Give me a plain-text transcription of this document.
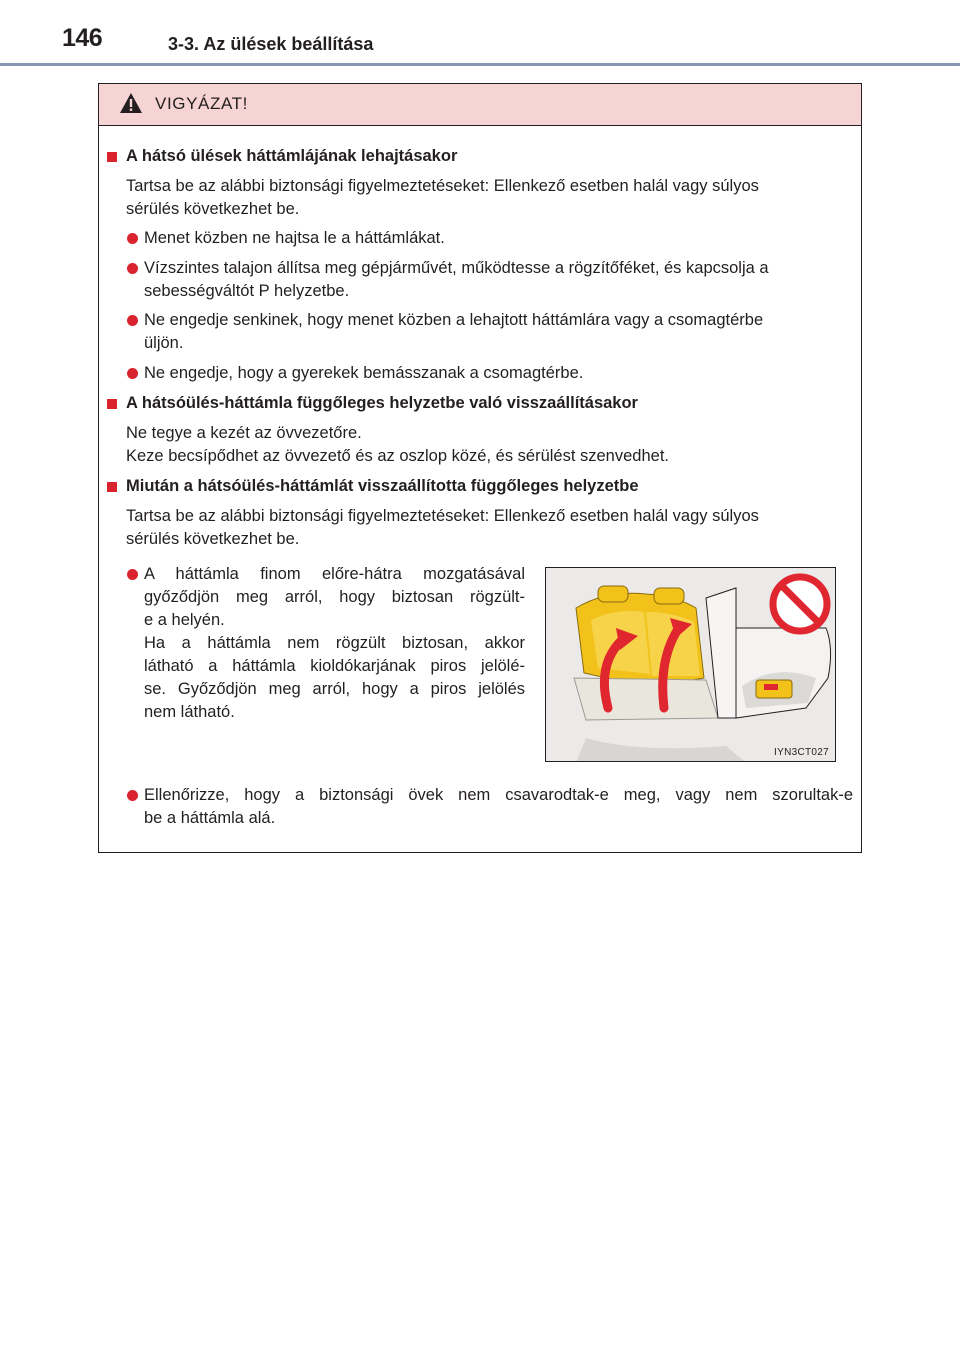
146	3-3. Az ülések beállítása
VIGYÁZAT!
A hátsó ülések háttámlájának lehajtásakor
Tartsa be az alábbi biztonsági figyelmeztetéseket: Ellenkező esetben halál vagy súlyos
sérülés következhet be.
Menet közben ne hajtsa le a háttámlákat.
Vízszintes talajon állítsa meg gépjárművét, működtesse a rögzítőféket, és kapcsolja a
sebességváltót P helyzetbe.
Ne engedje senkinek, hogy menet közben a lehajtott háttámlára vagy a csomagtérbe
üljön.
Ne engedje, hogy a gyerekek bemásszanak a csomagtérbe.
A hátsóülés-háttámla függőleges helyzetbe való visszaállításakor
Ne tegye a kezét az övvezetőre.
Keze becsípődhet az övvezető és az oszlop közé, és sérülést szenvedhet.
Miután a hátsóülés-háttámlát visszaállította függőleges helyzetbe
Tartsa be az alábbi biztonsági figyelmeztetéseket: Ellenkező esetben halál vagy súlyos
sérülés következhet be.
A háttámla finom előre-hátra mozgatásával
győződjön meg arról, hogy biztosan rögzült-
e a helyén.
Ha a háttámla nem rögzült biztosan, akkor
látható a háttámla kioldókarjának piros jelölé-
se. Győződjön meg arról, hogy a piros jelölés
nem látható.
Ellenőrizze, hogy a biztonsági övek nem csavarodtak-e meg, vagy nem szorultak-e
be a háttámla alá.
IYN3CT027
